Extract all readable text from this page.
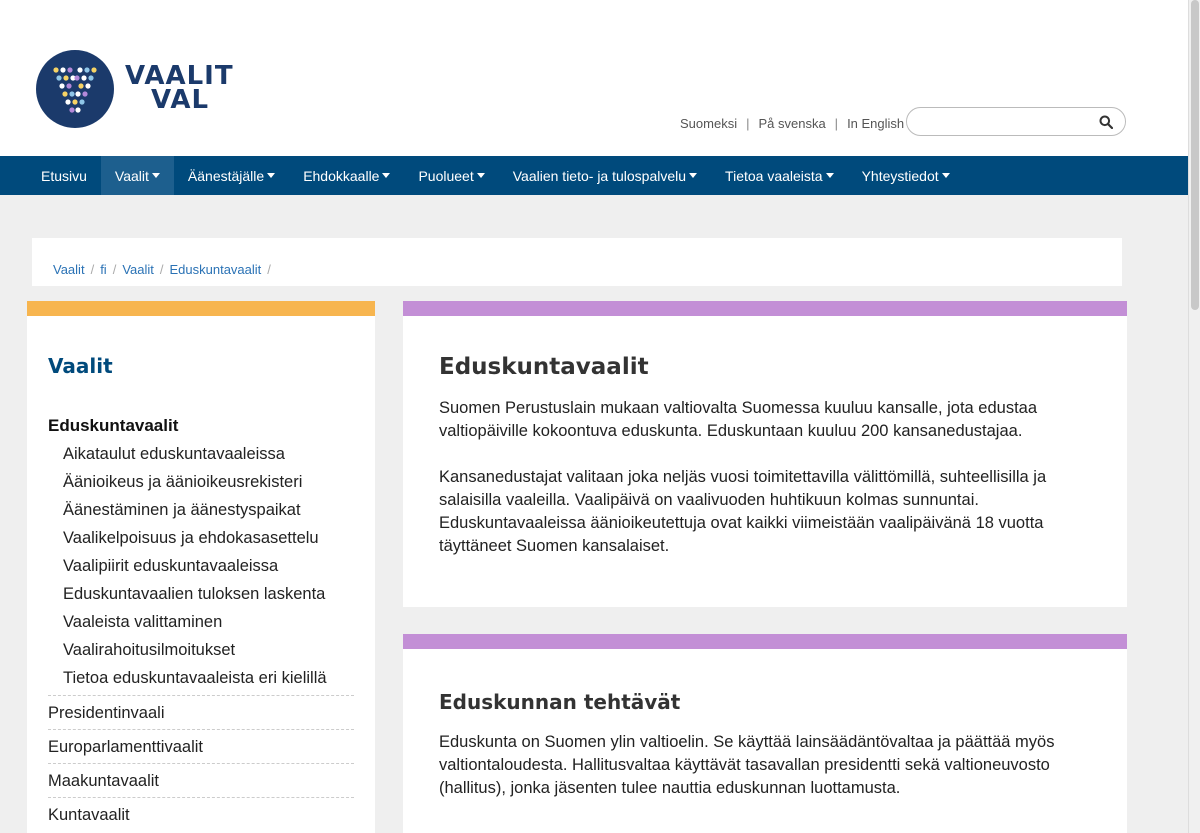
VAALIT
VAL
Suomeksi | På svenska | In English
Etusivu Vaalit	Äänestäjälle	Ehdokkaalle	Puolueet	Vaalien tieto- ja tulospalvelu	Tietoa vaaleista	Yhteystiedot
Vaalit / fi / Vaalit / Eduskuntavaalit /
Vaalit
Eduskuntavaalit
Aikataulut eduskuntavaaleissa
Äänioikeus ja äänioikeusrekisteri
Äänestäminen ja äänestyspaikat
Vaalikelpoisuus ja ehdokasasettelu
Vaalipiirit eduskuntavaaleissa
Eduskuntavaalien tuloksen laskenta
Vaaleista valittaminen
Vaalirahoitusilmoitukset
Tietoa eduskuntavaaleista eri kielillä
Presidentinvaali
Europarlamenttivaalit
Maakuntavaalit
Kuntavaalit
Eduskuntavaalit

Suomen Perustuslain mukaan valtiovalta Suomessa kuuluu kansalle, jota edustaa valtiopäiville kokoontuva eduskunta. Eduskuntaan kuuluu 200 kansanedustajaa.

Kansanedustajat valitaan joka neljäs vuosi toimitettavilla välittömillä, suhteellisilla ja salaisilla vaaleilla. Vaalipäivä on vaalivuoden huhtikuun kolmas sunnuntai. Eduskuntavaaleissa äänioikeutettuja ovat kaikki viimeistään vaalipäivänä 18 vuotta täyttäneet Suomen kansalaiset.

Eduskunnan tehtävät

Eduskunta on Suomen ylin valtioelin. Se käyttää lainsäädäntövaltaa ja päättää myös valtiontaloudesta. Hallitusvaltaa käyttävät tasavallan presidentti sekä valtioneuvosto (hallitus), jonka jäsenten tulee nauttia eduskunnan luottamusta.
